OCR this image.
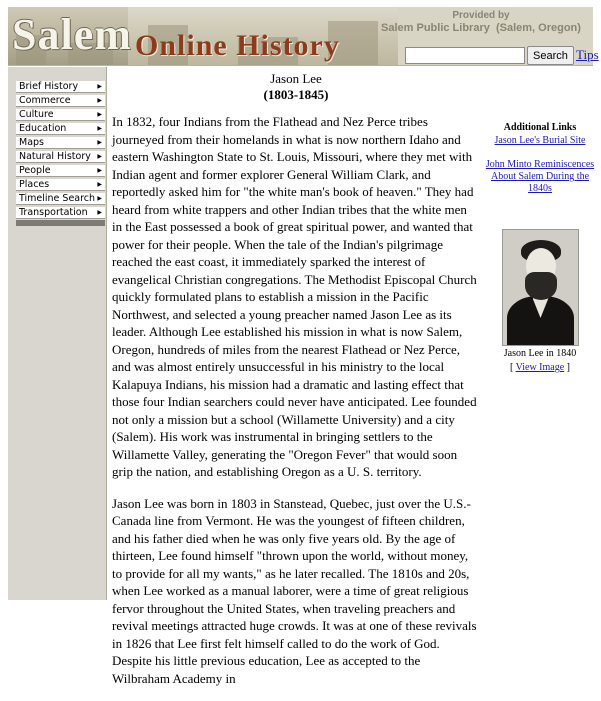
Salem Online History
Provided by
Salem Public Library (Salem, Oregon)
Search Tips
Brief History	▶
Commerce	▶
Culture	▶
Education	▶
Maps	▶
Natural History ▶
People	▶
Places	▶
Timeline Search ▶
Transportation ▶
Jason Lee
(1803-1845)

In 1832, four Indians from the Flathead and Nez Perce tribes journeyed from their homelands in what is now northern Idaho and eastern Washington State to St. Louis, Missouri, where they met with Indian agent and former explorer General William Clark, and reportedly asked him for "the white man's book of heaven." They had heard from white trappers and other Indian tribes that the white men in the East possessed a book of great spiritual power, and wanted that power for their people. When the tale of the Indian's pilgrimage reached the east coast, it immediately sparked the interest of evangelical Christian congregations. The Methodist Episcopal Church quickly formulated plans to establish a mission in the Pacific Northwest, and selected a young preacher named Jason Lee as its leader. Although Lee established his mission in what is now Salem, Oregon, hundreds of miles from the nearest Flathead or Nez Perce, and was almost entirely unsuccessful in his ministry to the local Kalapuya Indians, his mission had a dramatic and lasting effect that those four Indian searchers could never have anticipated. Lee founded not only a mission but a school (Willamette University) and a city (Salem). His work was instrumental in bringing settlers to the Willamette Valley, generating the "Oregon Fever" that would soon grip the nation, and establishing Oregon as a U. S. territory.

Jason Lee was born in 1803 in Stanstead, Quebec, just over the U.S.-Canada line from Vermont. He was the youngest of fifteen children, and his father died when he was only five years old. By the age of thirteen, Lee found himself "thrown upon the world, without money, to provide for all my wants," as he later recalled. The 1810s and 20s, when Lee worked as a manual laborer, were a time of great religious fervor throughout the United States, when traveling preachers and revival meetings attracted huge crowds. It was at one of these revivals in 1826 that Lee first felt himself called to do the work of God. Despite his little previous education, Lee as accepted to the Wilbraham Academy in

Additional Links
Jason Lee's Burial Site
John Minto Reminiscences About Salem During the 1840s
Jason Lee in 1840
[ View Image ]
